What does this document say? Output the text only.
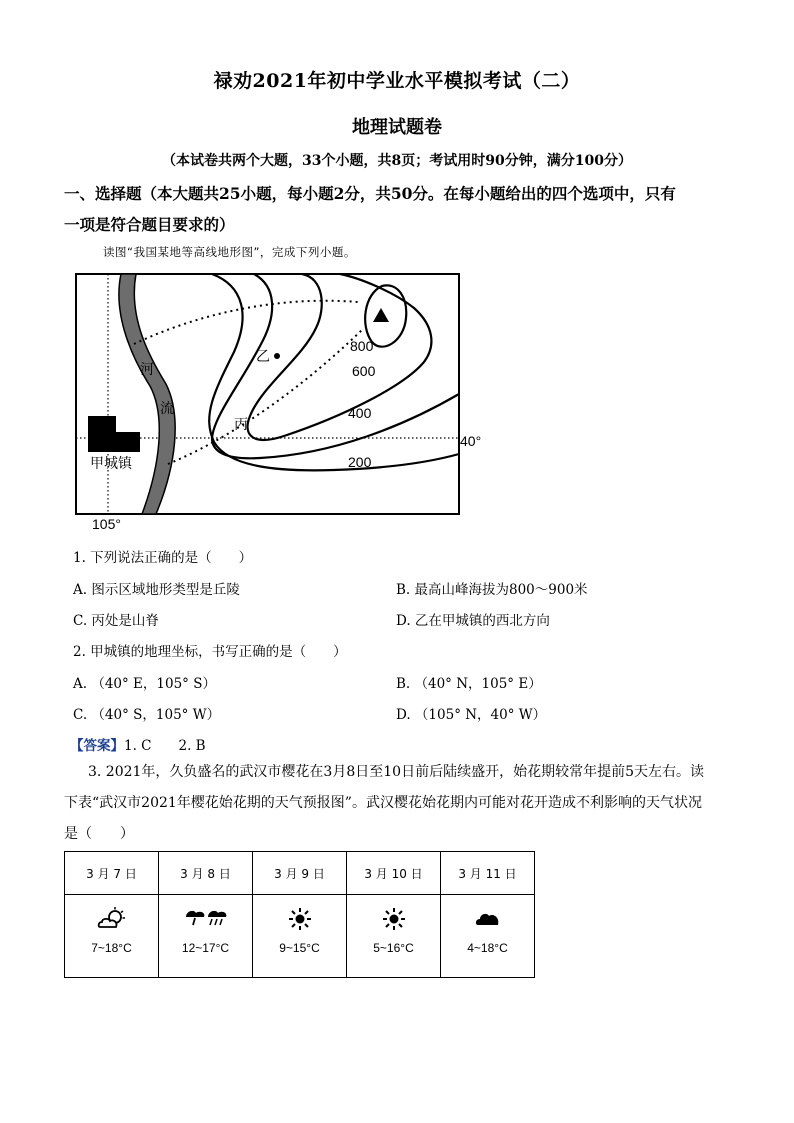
禄劝2021年初中学业水平模拟考试（二）
地理试题卷
（本试卷共两个大题，33个小题，共8页；考试用时90分钟，满分100分）
一、选择题（本大题共25小题，每小题2分，共50分。在每小题给出的四个选项中，只有
一项是符合题目要求的）
读图“我国某地等高线地形图”，完成下列小题。
800
600
400
200
乙
丙
河
流
甲城镇
40°
105°
1. 下列说法正确的是（　　）
A. 图示区域地形类型是丘陵	B. 最高山峰海拔为800～900米
C. 丙处是山脊	D. 乙在甲城镇的西北方向
2. 甲城镇的地理坐标，书写正确的是（　　）
A. （40° E，105° S）	B. （40° N，105° E）
C. （40° S，105° W）	D. （105° N，40° W）
【答案】1. C　　2. B
3. 2021年，久负盛名的武汉市樱花在3月8日至10日前后陆续盛开，始花期较常年提前5天左右。读
下表“武汉市2021年樱花始花期的天气预报图”。武汉樱花始花期内可能对花开造成不利影响的天气状况
是（　　）
3 月 7 日	3 月 8 日	3 月 9 日	3 月 10 日	3 月 11 日

7~18°C	12~17°C	9~15°C	5~16°C	4~18°C
